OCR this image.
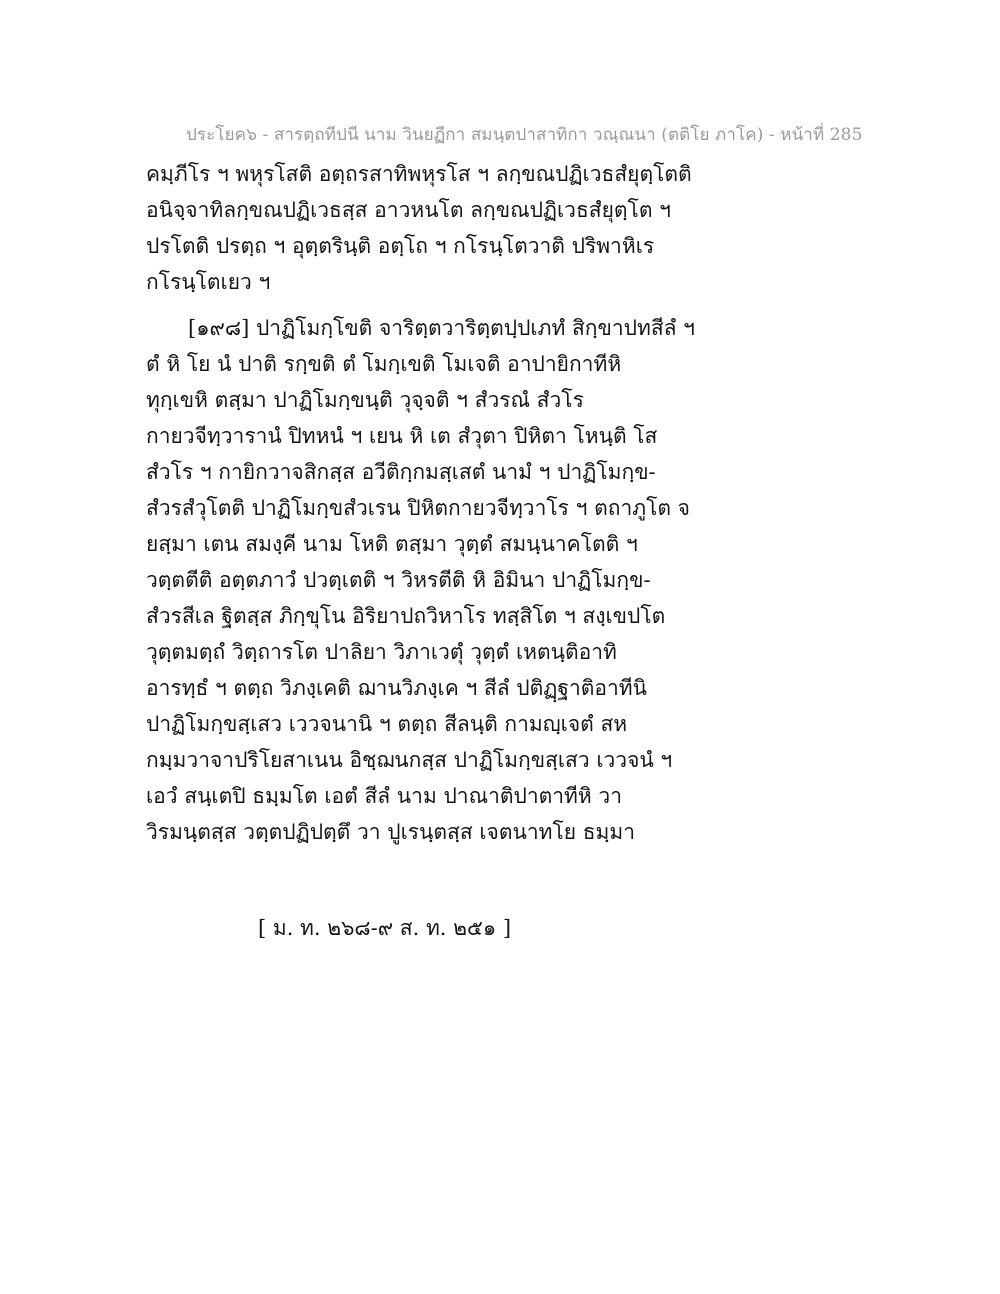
ประโยค๖ - สารตฺถทีปนี นาม วินยฏีกา สมนฺตปาสาทิกา วณฺณนา (ตติโย ภาโค) - หน้าที่ 285
คมฺภีโร ฯ พหุรโสติ อตฺถรสาทิพหุรโส ฯ ลกฺขณปฏิเวธสํยุตฺโตติ
อนิจฺจาทิลกฺขณปฏิเวธสฺส อาวหนโต ลกฺขณปฏิเวธสํยุตฺโต ฯ
ปรโตติ ปรตฺถ ฯ อุตฺตรินฺติ อตฺโถ ฯ กโรนฺโตวาติ ปริพาหิเร
กโรนฺโตเยว ฯ
[๑๙๘] ปาฏิโมกฺโขติ จาริตฺตวาริตฺตปฺปเภทํ สิกฺขาปทสีลํ ฯ
ตํ หิ โย นํ ปาติ รกฺขติ ตํ โมกฺเขติ โมเจติ อาปายิกาทีหิ
ทุกฺเขหิ ตสฺมา ปาฏิโมกฺขนฺติ วุจฺจติ ฯ สํวรณํ สํวโร
กายวจีทฺวารานํ ปิทหนํ ฯ เยน หิ เต สํวุตา ปิหิตา โหนฺติ โส
สํวโร ฯ กายิกวาจสิกสฺส อวีติกฺกมสฺเสตํ นามํ ฯ ปาฏิโมกฺข-
สํวรสํวุโตติ ปาฏิโมกฺขสํวเรน ปิหิตกายวจีทฺวาโร ฯ ตถาภูโต จ
ยสฺมา เตน สมงฺคี นาม โหติ ตสฺมา วุตฺตํ สมนฺนาคโตติ ฯ
วตฺตตีติ อตฺตภาวํ ปวตฺเตติ ฯ วิหรตีติ หิ อิมินา ปาฏิโมกฺข-
สํวรสีเล ฐิตสฺส ภิกฺขุโน อิริยาปถวิหาโร ทสฺสิโต ฯ สงฺเขปโต
วุตฺตมตฺถํ วิตฺถารโต ปาลิยา วิภาเวตุํ วุตฺตํ เหตนฺติอาทิ
อารทฺธํ ฯ ตตฺถ วิภงฺเคติ ฌานวิภงฺเค ฯ สีลํ ปติฏฺฐาติอาทีนิ
ปาฏิโมกฺขสฺเสว เววจนานิ ฯ ตตฺถ สีลนฺติ กามญฺเจตํ สห
กมฺมวาจาปริโยสาเนน อิชฺฌนกสฺส ปาฏิโมกฺขสฺเสว เววจนํ ฯ
เอวํ สนฺเตปิ ธมฺมโต เอตํ สีลํ นาม ปาณาติปาตาทีหิ วา
วิรมนฺตสฺส วตฺตปฏิปตฺตึ วา ปูเรนฺตสฺส เจตนาทโย ธมฺมา
[ ม. ท. ๒๖๘-๙ ส. ท. ๒๕๑ ]
